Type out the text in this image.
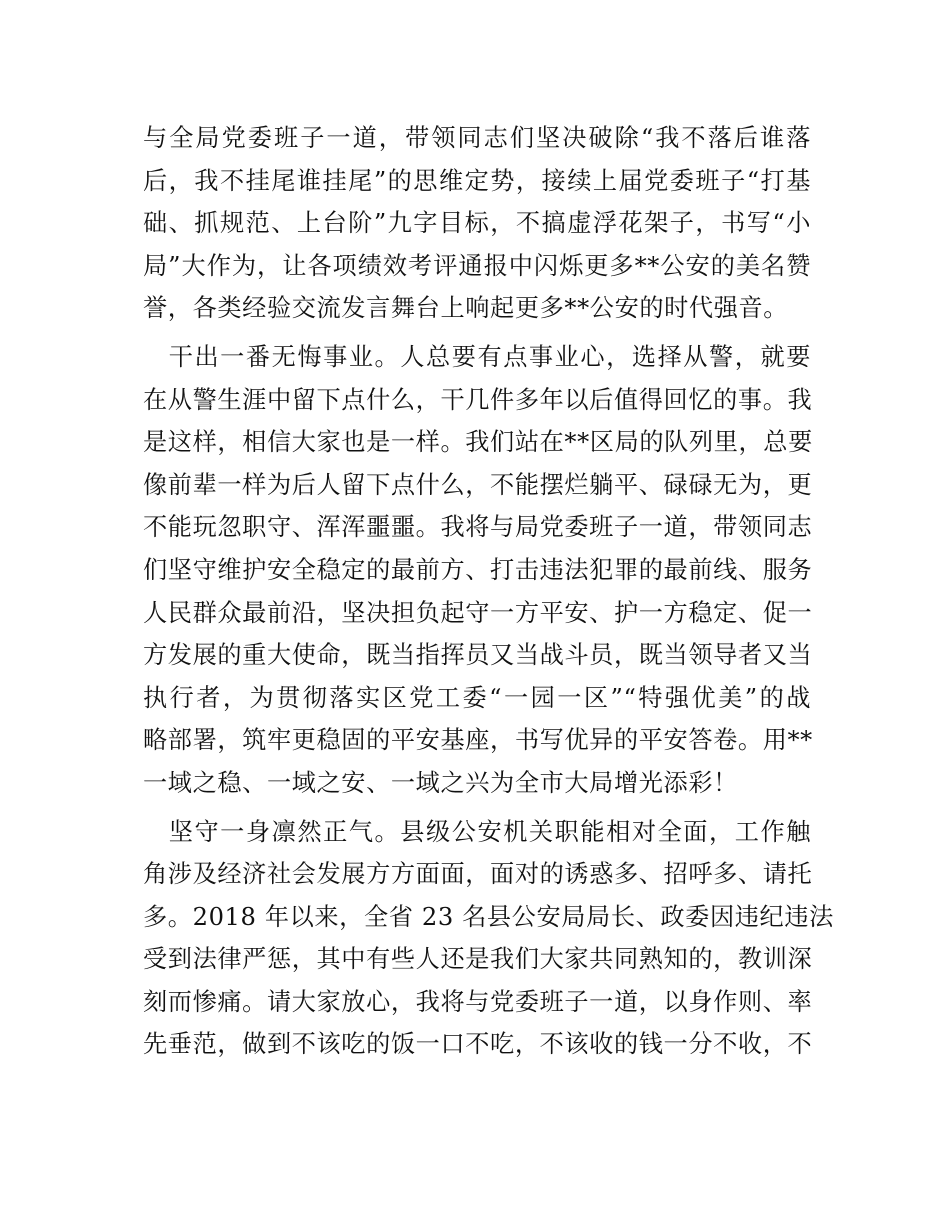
与全局党委班子一道，带领同志们坚决破除“我不落后谁落
后，我不挂尾谁挂尾”的思维定势，接续上届党委班子“打基
础、抓规范、上台阶”九字目标，不搞虚浮花架子，书写“小
局”大作为，让各项绩效考评通报中闪烁更多**公安的美名赞
誉，各类经验交流发言舞台上响起更多**公安的时代强音。

　干出一番无悔事业。人总要有点事业心，选择从警，就要
在从警生涯中留下点什么，干几件多年以后值得回忆的事。我
是这样，相信大家也是一样。我们站在**区局的队列里，总要
像前辈一样为后人留下点什么，不能摆烂躺平、碌碌无为，更
不能玩忽职守、浑浑噩噩。我将与局党委班子一道，带领同志
们坚守维护安全稳定的最前方、打击违法犯罪的最前线、服务
人民群众最前沿，坚决担负起守一方平安、护一方稳定、促一
方发展的重大使命，既当指挥员又当战斗员，既当领导者又当
执行者，为贯彻落实区党工委“一园一区”“特强优美”的战
略部署，筑牢更稳固的平安基座，书写优异的平安答卷。用**
一域之稳、一域之安、一域之兴为全市大局增光添彩！

　坚守一身凛然正气。县级公安机关职能相对全面，工作触
角涉及经济社会发展方方面面，面对的诱惑多、招呼多、请托
多。2018 年以来，全省 23 名县公安局局长、政委因违纪违法
受到法律严惩，其中有些人还是我们大家共同熟知的，教训深
刻而惨痛。请大家放心，我将与党委班子一道，以身作则、率
先垂范，做到不该吃的饭一口不吃，不该收的钱一分不收，不
